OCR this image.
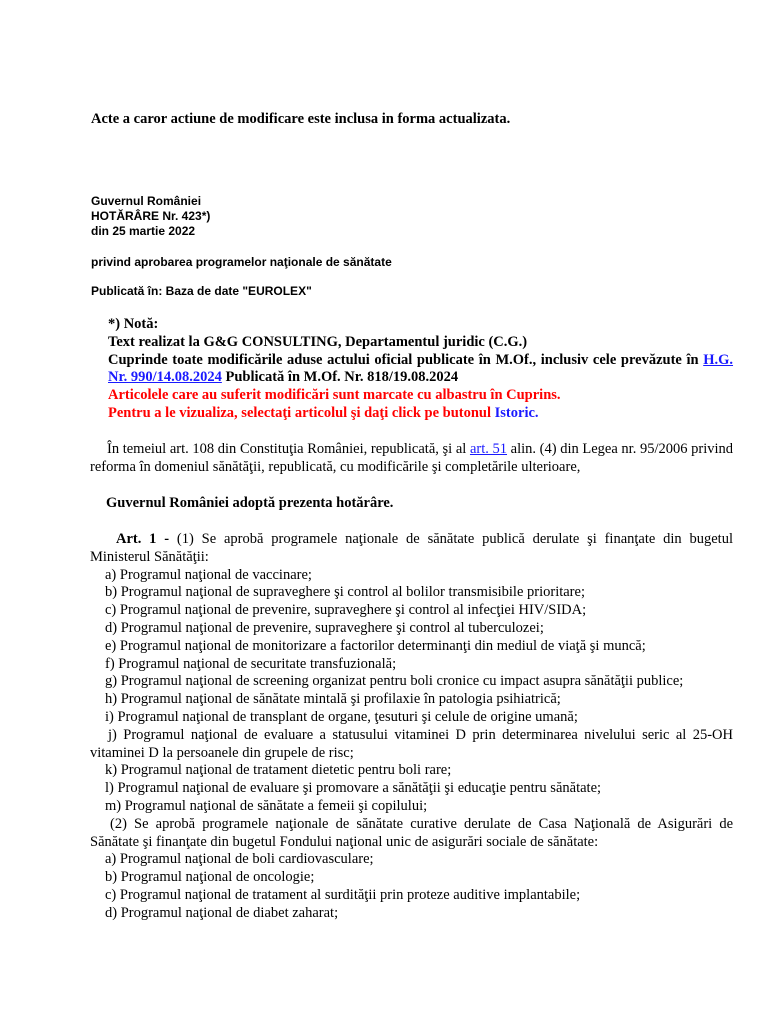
Acte a caror actiune de modificare este inclusa in forma actualizata.
Guvernul României
HOTĂRÂRE Nr. 423*)
din 25 martie 2022
privind aprobarea programelor naţionale de sănătate
Publicată în: Baza de date "EUROLEX"
*) Notă:
Text realizat la G&G CONSULTING, Departamentul juridic (C.G.)
Cuprinde toate modificările aduse actului oficial publicate în M.Of., inclusiv cele prevăzute în H.G. Nr. 990/14.08.2024 Publicată în M.Of. Nr. 818/19.08.2024
Articolele care au suferit modificări sunt marcate cu albastru în Cuprins.
Pentru a le vizualiza, selectaţi articolul şi daţi click pe butonul Istoric.

În temeiul art. 108 din Constituţia României, republicată, şi al art. 51 alin. (4) din Legea nr. 95/2006 privind reforma în domeniul sănătăţii, republicată, cu modificările şi completările ulterioare,

Guvernul României adoptă prezenta hotărâre.
Art. 1 - (1) Se aprobă programele naţionale de sănătate publică derulate şi finanţate din bugetul Ministerul Sănătăţii:
a) Programul naţional de vaccinare;
b) Programul naţional de supraveghere şi control al bolilor transmisibile prioritare;
c) Programul naţional de prevenire, supraveghere şi control al infecţiei HIV/SIDA;
d) Programul naţional de prevenire, supraveghere şi control al tuberculozei;
e) Programul naţional de monitorizare a factorilor determinanţi din mediul de viaţă şi muncă;
f) Programul naţional de securitate transfuzională;
g) Programul naţional de screening organizat pentru boli cronice cu impact asupra sănătăţii publice;
h) Programul naţional de sănătate mintală şi profilaxie în patologia psihiatrică;
i) Programul naţional de transplant de organe, ţesuturi şi celule de origine umană;
j) Programul naţional de evaluare a statusului vitaminei D prin determinarea nivelului seric al 25-OH vitaminei D la persoanele din grupele de risc;
k) Programul naţional de tratament dietetic pentru boli rare;
l) Programul naţional de evaluare şi promovare a sănătăţii şi educaţie pentru sănătate;
m) Programul naţional de sănătate a femeii şi copilului;
(2) Se aprobă programele naţionale de sănătate curative derulate de Casa Naţională de Asigurări de Sănătate şi finanţate din bugetul Fondului naţional unic de asigurări sociale de sănătate:
a) Programul naţional de boli cardiovasculare;
b) Programul naţional de oncologie;
c) Programul naţional de tratament al surdităţii prin proteze auditive implantabile;
d) Programul naţional de diabet zaharat;
